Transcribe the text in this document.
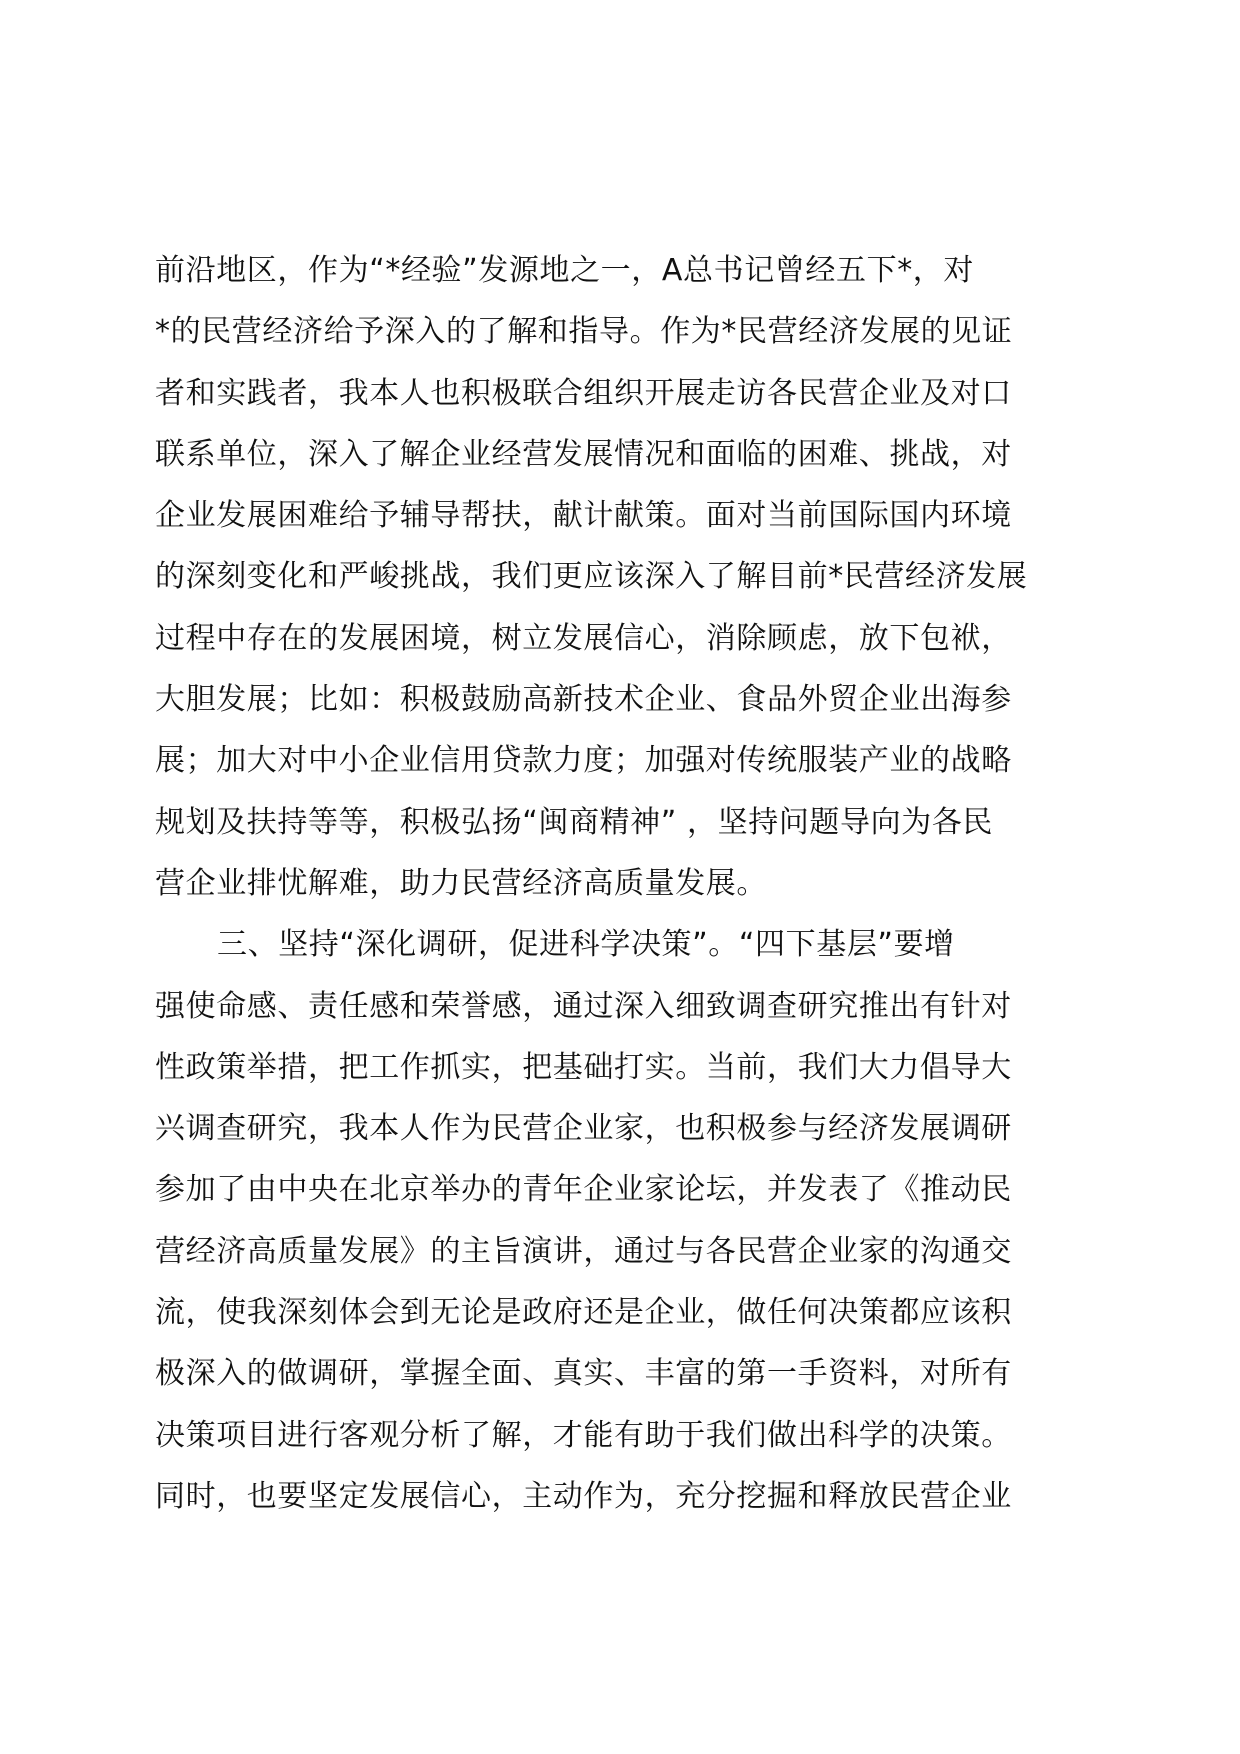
前沿地区，作为“*经验”发源地之一，A总书记曾经五下*，对
*的民营经济给予深入的了解和指导。作为*民营经济发展的见证
者和实践者，我本人也积极联合组织开展走访各民营企业及对口
联系单位，深入了解企业经营发展情况和面临的困难、挑战，对
企业发展困难给予辅导帮扶，献计献策。面对当前国际国内环境
的深刻变化和严峻挑战，我们更应该深入了解目前*民营经济发展
过程中存在的发展困境，树立发展信心，消除顾虑，放下包袱，
大胆发展；比如：积极鼓励高新技术企业、食品外贸企业出海参
展；加大对中小企业信用贷款力度；加强对传统服装产业的战略
规划及扶持等等，积极弘扬“闽商精神” ，坚持问题导向为各民
营企业排忧解难，助力民营经济高质量发展。
三、坚持“深化调研，促进科学决策”。“四下基层”要增
强使命感、责任感和荣誉感，通过深入细致调查研究推出有针对
性政策举措，把工作抓实，把基础打实。当前，我们大力倡导大
兴调查研究，我本人作为民营企业家，也积极参与经济发展调研
参加了由中央在北京举办的青年企业家论坛，并发表了《推动民
营经济高质量发展》的主旨演讲，通过与各民营企业家的沟通交
流，使我深刻体会到无论是政府还是企业，做任何决策都应该积
极深入的做调研，掌握全面、真实、丰富的第一手资料，对所有
决策项目进行客观分析了解，才能有助于我们做出科学的决策。
同时，也要坚定发展信心，主动作为，充分挖掘和释放民营企业
